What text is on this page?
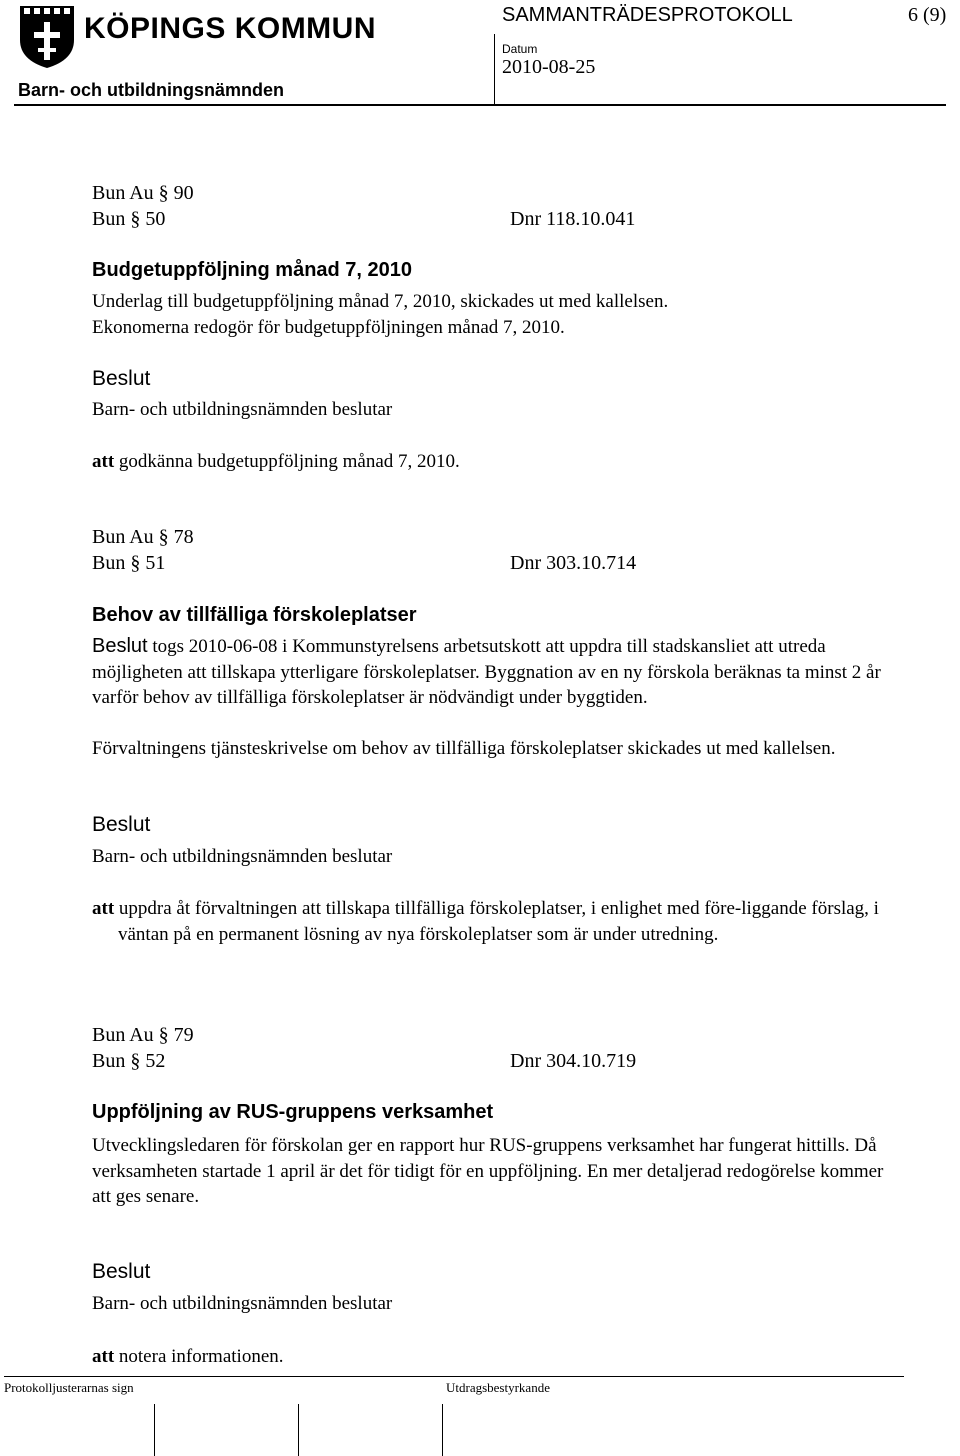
KÖPINGS KOMMUN
Barn- och utbildningsnämnden
SAMMANTRÄDESPROTOKOLL	6 (9)
Datum
2010-08-25
Bun Au § 90
Bun § 50	Dnr 118.10.041
Budgetuppföljning månad 7, 2010
Underlag till budgetuppföljning månad 7, 2010, skickades ut med kallelsen.
Ekonomerna redogör för budgetuppföljningen månad 7, 2010.
Beslut
Barn- och utbildningsnämnden beslutar
att godkänna budgetuppföljning månad 7, 2010.
Bun Au § 78
Bun § 51	Dnr 303.10.714
Behov av tillfälliga förskoleplatser
Beslut togs 2010-06-08 i Kommunstyrelsens arbetsutskott att uppdra till stadskansliet att utreda möjligheten att tillskapa ytterligare förskoleplatser. Byggnation av en ny förskola beräknas ta minst 2 år varför behov av tillfälliga förskoleplatser är nödvändigt under byggtiden.
Förvaltningens tjänsteskrivelse om behov av tillfälliga förskoleplatser skickades ut med kallelsen.
Beslut
Barn- och utbildningsnämnden beslutar
att uppdra åt förvaltningen att tillskapa tillfälliga förskoleplatser, i enlighet med före-liggande förslag, i väntan på en permanent lösning av nya förskoleplatser som är under utredning.
Bun Au § 79
Bun § 52	Dnr 304.10.719
Uppföljning av RUS-gruppens verksamhet
Utvecklingsledaren för förskolan ger en rapport hur RUS-gruppens verksamhet har fungerat hittills. Då verksamheten startade 1 april är det för tidigt för en uppföljning. En mer detaljerad redogörelse kommer att ges senare.
Beslut
Barn- och utbildningsnämnden beslutar
att notera informationen.
Protokolljusterarnas sign	Utdragsbestyrkande
